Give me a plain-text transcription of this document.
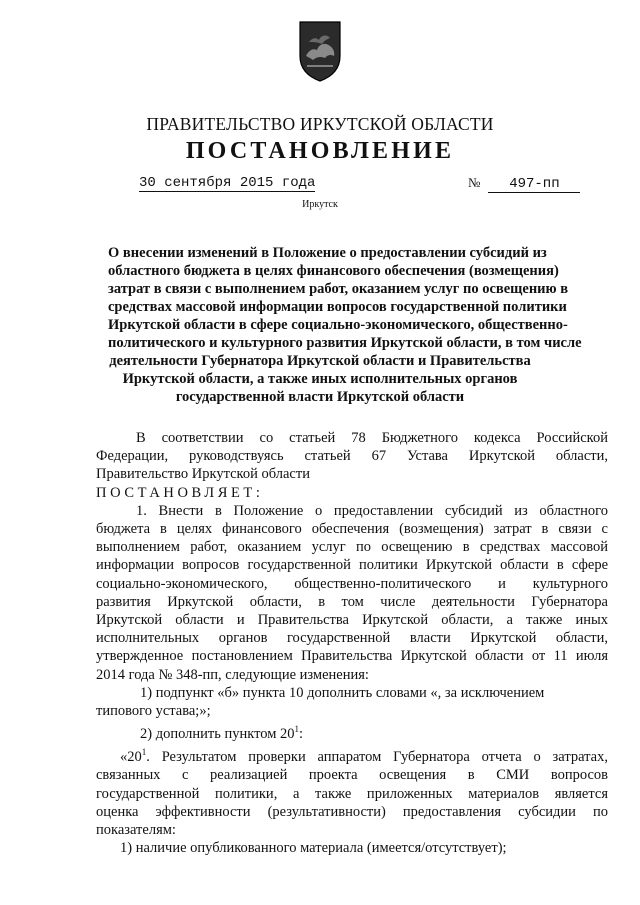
ПРАВИТЕЛЬСТВО ИРКУТСКОЙ ОБЛАСТИ
ПОСТАНОВЛЕНИЕ
30 сентября 2015 года	№ 497-пп
Иркутск
О внесении изменений в Положение о предоставлении субсидий из
областного бюджета в целях финансового обеспечения (возмещения)
затрат в связи с выполнением работ, оказанием услуг по освещению в
средствах массовой информации вопросов государственной политики
Иркутской области в сфере социально-экономического, общественно-
политического и культурного развития Иркутской области, в том числе
деятельности Губернатора Иркутской области и Правительства
Иркутской области, а также иных исполнительных органов
государственной власти Иркутской области
В соответствии со статьей 78 Бюджетного кодекса Российской
Федерации, руководствуясь статьей 67 Устава Иркутской области,
Правительство Иркутской области
ПОСТАНОВЛЯЕТ:
1. Внести в Положение о предоставлении субсидий из областного
бюджета в целях финансового обеспечения (возмещения) затрат в связи с
выполнением работ, оказанием услуг по освещению в средствах массовой
информации вопросов государственной политики Иркутской области в сфере
социально-экономического, общественно-политического и культурного
развития Иркутской области, в том числе деятельности Губернатора
Иркутской области и Правительства Иркутской области, а также иных
исполнительных органов государственной власти Иркутской области,
утвержденное постановлением Правительства Иркутской области от 11 июля
2014 года № 348-пп, следующие изменения:
1) подпункт «б» пункта 10 дополнить словами «, за исключением
типового устава;»;
2) дополнить пунктом $20^1$:
«$20^1$. Результатом проверки аппаратом Губернатора отчета о затратах,
связанных с реализацией проекта освещения в СМИ вопросов
государственной политики, а также приложенных материалов является
оценка эффективности (результативности) предоставления субсидии по
показателям:
1) наличие опубликованного материала (имеется/отсутствует);
